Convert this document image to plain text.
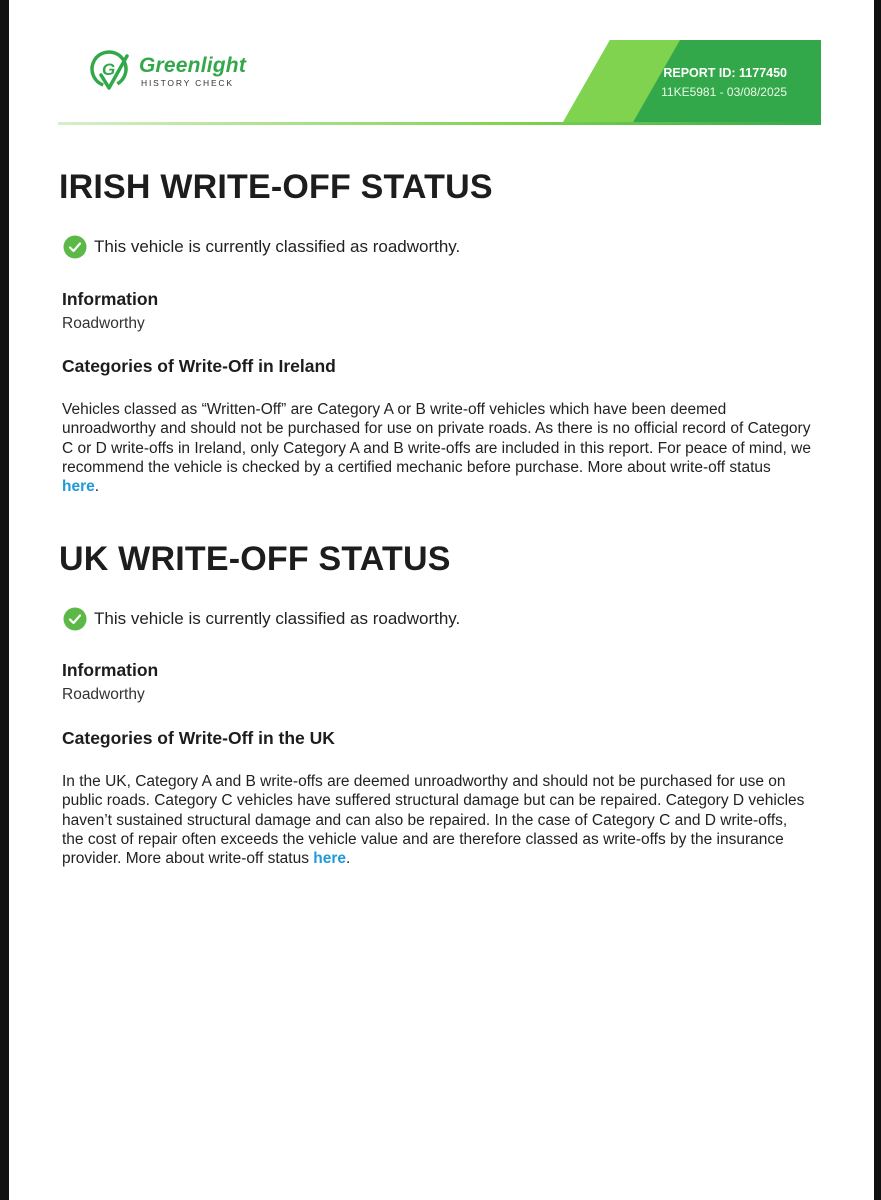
G Greenlight
HISTORY CHECK
REPORT ID: 1177450
11KE5981 - 03/08/2025
IRISH WRITE-OFF STATUS
This vehicle is currently classified as roadworthy.
Information
Roadworthy
Categories of Write-Off in Ireland
Vehicles classed as “Written-Off” are Category A or B write-off vehicles which have been deemed unroadworthy and should not be purchased for use on private roads. As there is no official record of Category C or D write-offs in Ireland, only Category A and B write-offs are included in this report. For peace of mind, we recommend the vehicle is checked by a certified mechanic before purchase. More about write-off status here.
UK WRITE-OFF STATUS
This vehicle is currently classified as roadworthy.
Information
Roadworthy
Categories of Write-Off in the UK
In the UK, Category A and B write-offs are deemed unroadworthy and should not be purchased for use on public roads. Category C vehicles have suffered structural damage but can be repaired. Category D vehicles haven’t sustained structural damage and can also be repaired. In the case of Category C and D write-offs, the cost of repair often exceeds the vehicle value and are therefore classed as write-offs by the insurance provider. More about write-off status here.
